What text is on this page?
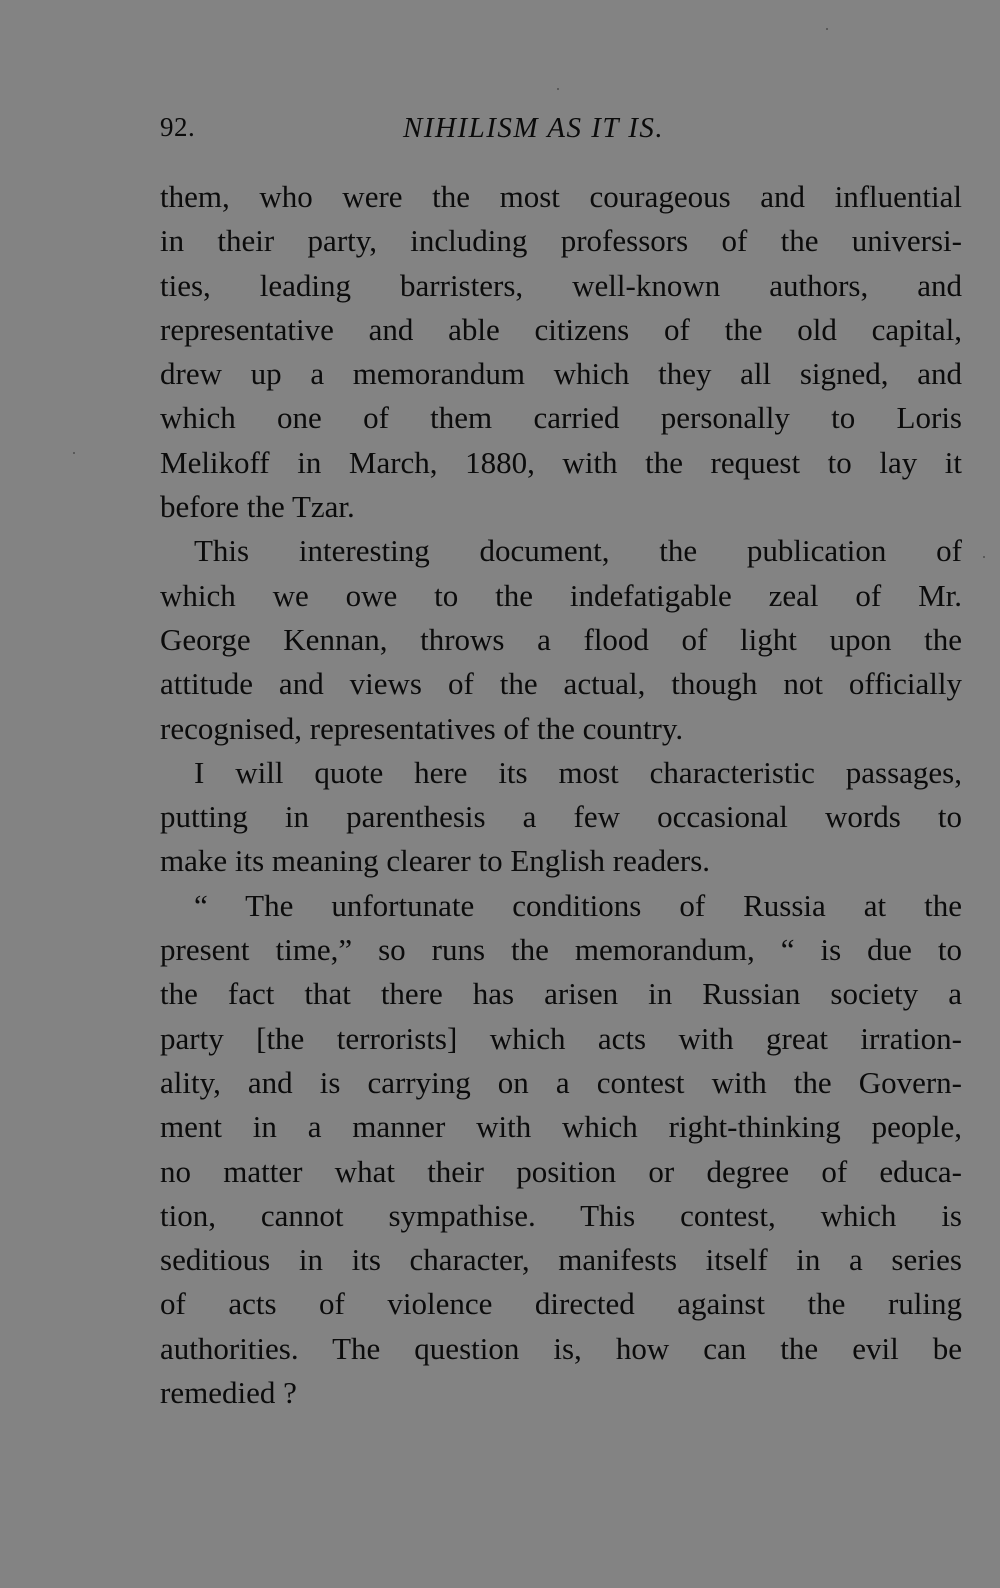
92.	NIHILISM AS IT IS.
them, who were the most courageous and influential
in their party, including professors of the universi-
ties, leading barristers, well-known authors, and
representative and able citizens of the old capital,
drew up a memorandum which they all signed, and
which one of them carried personally to Loris
Melikoff in March, 1880, with the request to lay it
before the Tzar.
This interesting document, the publication of
which we owe to the indefatigable zeal of Mr.
George Kennan, throws a flood of light upon the
attitude and views of the actual, though not officially
recognised, representatives of the country.
I will quote here its most characteristic passages,
putting in parenthesis a few occasional words to
make its meaning clearer to English readers.
“ The unfortunate conditions of Russia at the
present time,” so runs the memorandum, “ is due to
the fact that there has arisen in Russian society a
party [the terrorists] which acts with great irration-
ality, and is carrying on a contest with the Govern-
ment in a manner with which right-thinking people,
no matter what their position or degree of educa-
tion, cannot sympathise. This contest, which is
seditious in its character, manifests itself in a series
of acts of violence directed against the ruling
authorities. The question is, how can the evil be
remedied ?
